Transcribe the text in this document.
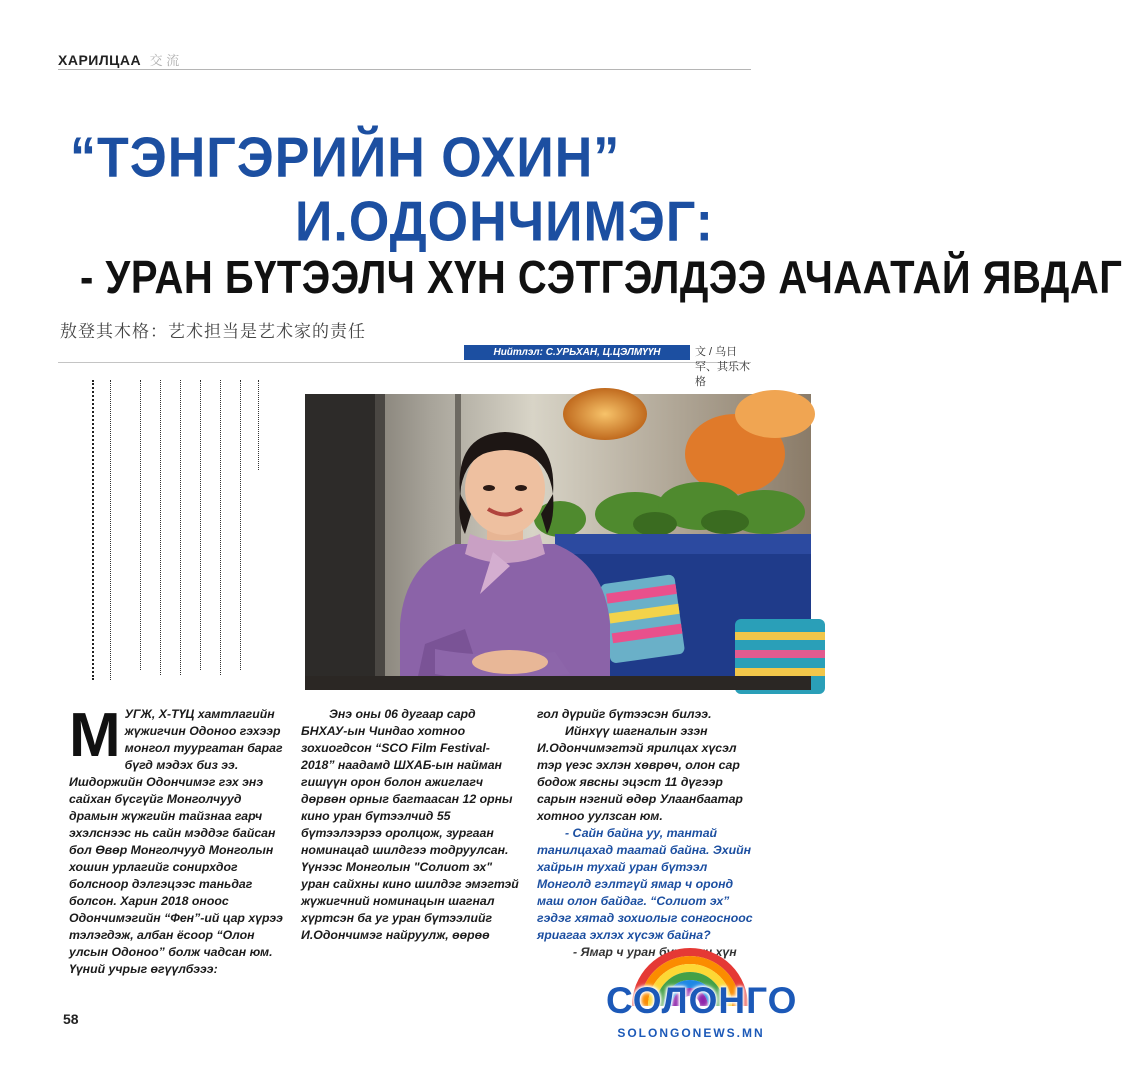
ХАРИЛЦАА 交 流
“ТЭНГЭРИЙН ОХИН”
И.ОДОНЧИМЭГ:
- УРАН БҮТЭЭЛЧ ХҮН СЭТГЭЛДЭЭ АЧААТАЙ ЯВДАГ
敖登其木格：艺术担当是艺术家的责任
Нийтлэл: С.УРЬХАН, Ц.ЦЭЛМҮҮН	文 / 乌日罕、其乐木格
М УГЖ, Х-ТҮЦ хамтлагийн жүжигчин Одоноо гэхээр монгол туургатан бараг бүгд мэдэх биз ээ. Ишдоржийн Одончимэг гэх энэ сайхан бүсгүйг Монголчууд драмын жүжгийн тайзнаа гарч эхэлснээс нь сайн мэддэг байсан бол Өвөр Монголчууд Монголын хошин урлагийг сонирхдог болсноор дэлгэцээс таньдаг болсон. Харин 2018 оноос Одончимэгийн “Фен”-ий цар хүрээ тэлэгдэж, албан ёсоор “Олон улсын Одоноо” болж чадсан юм. Үүний учрыг өгүүлбэээ:

Энэ оны 06 дугаар сард БНХАУ-ын Чиндао хотноо зохиогдсон “SCO Film Festival-2018” наадамд ШХАБ-ын найман гишүүн орон болон ажиглагч дөрвөн орныг багтаасан 12 орны кино уран бүтээлчид 55 бүтээлээрээ оролцож, зургаан номинацад шилдгээ тодруулсан. Үүнээс Монголын "Солиот эх" уран сайхны кино шилдэг эмэгтэй жүжигчний номинацын шагнал хүртсэн ба уг уран бүтээлийг И.Одончимэг найруулж, өөрөө

гол дүрийг бүтээсэн билээ.

Ийнхүү шагналын эзэн И.Одончимэгтэй ярилцах хүсэл тэр үеэс эхлэн хөврөч, олон сар бодож явсны эцэст 11 дүгээр сарын нэгний өдөр Улаанбаатар хотноо уулзсан юм.

- Сайн байна уу, тантай танилцахад таатай байна. Эхийн хайрын тухай уран бүтээл Монголд гэлтгүй ямар ч оронд маш олон байдаг. “Солиот эх” гэдэг хятад зохиолыг сонгосноос яриагаа эхлэх хүсэж байна?

- Ямар ч уран бүтээлч хүн

58	СОЛОНГО
SOLONGONEWS.MN
